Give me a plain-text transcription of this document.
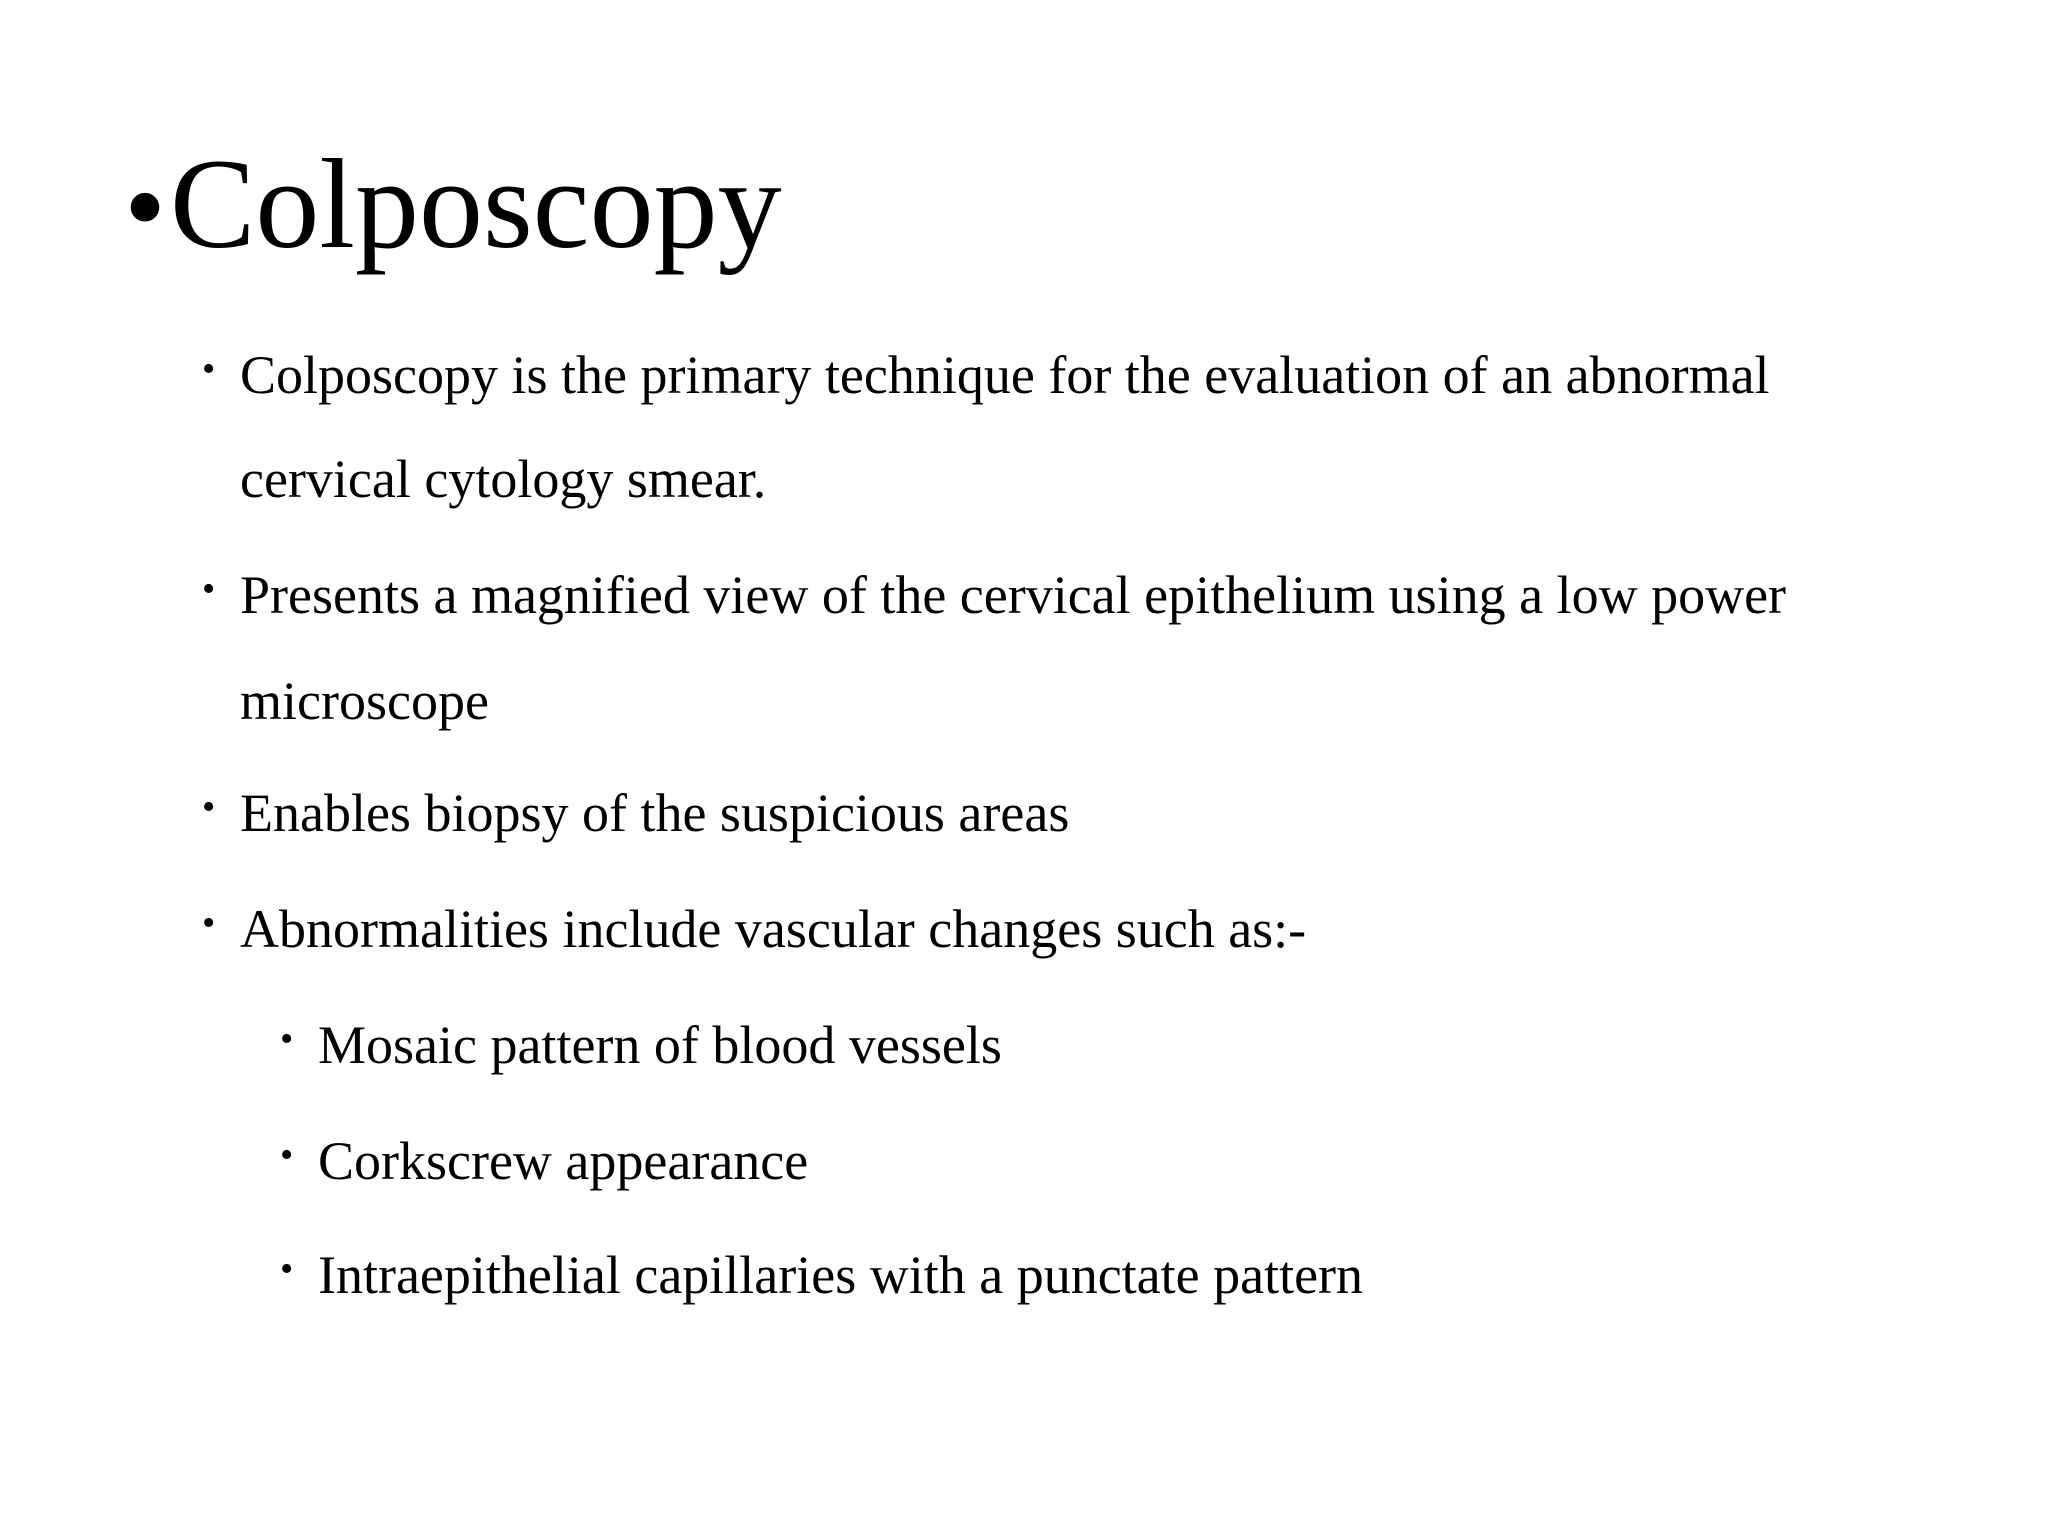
• Colposcopy
• Colposcopy is the primary technique for the evaluation of an abnormal
cervical cytology smear.
• Presents a magnified view of the cervical epithelium using a low power
microscope
• Enables biopsy of the suspicious areas
• Abnormalities include vascular changes such as:-
• Mosaic pattern of blood vessels
• Corkscrew appearance
• Intraepithelial capillaries with a punctate pattern
